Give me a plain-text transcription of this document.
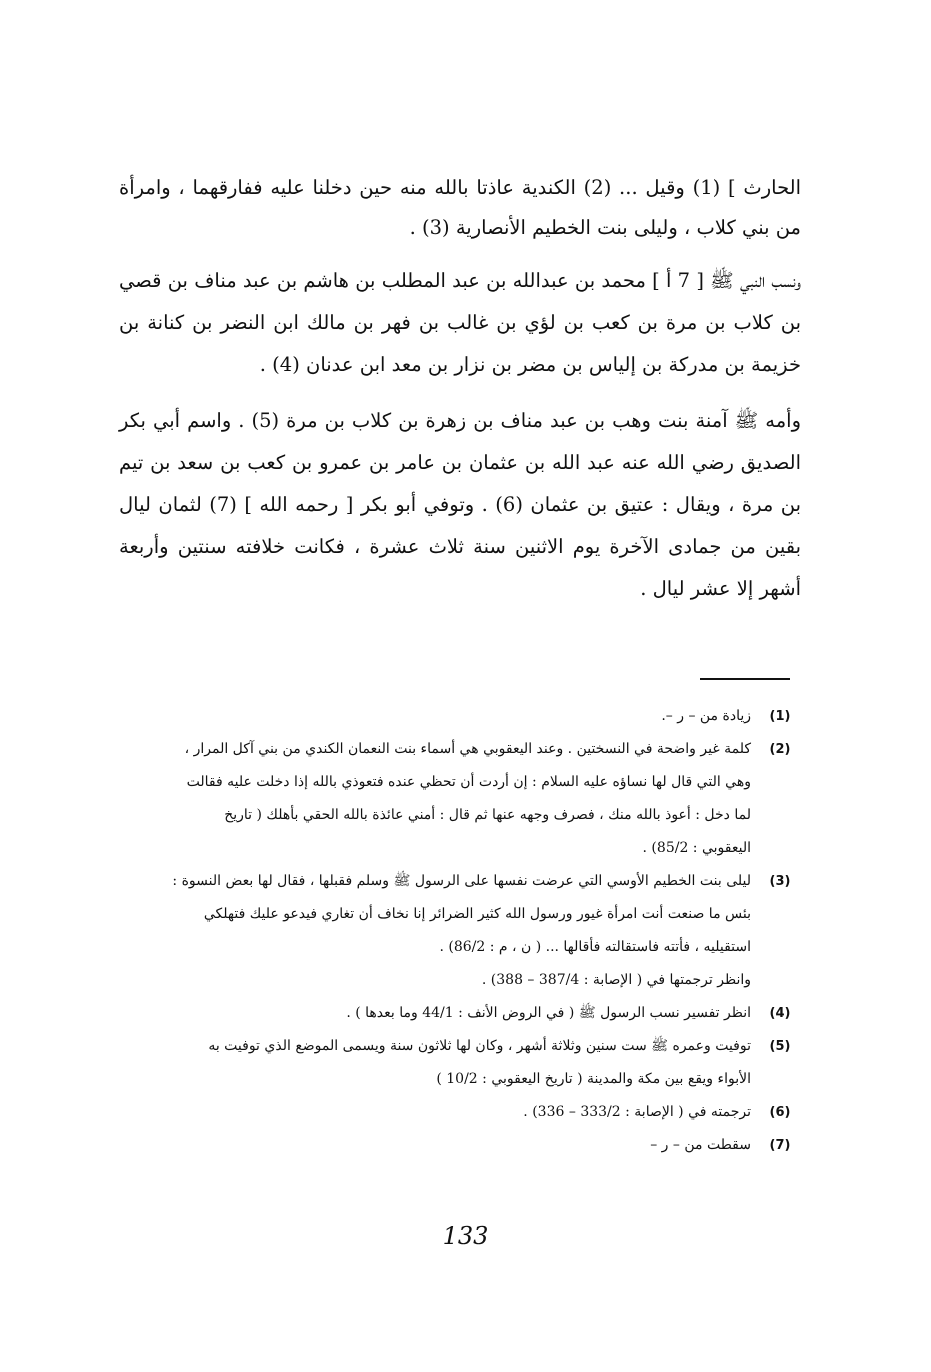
الحارث ] (1) وقيل ... (2) الكندية عاذتا بالله منه حين دخلنا عليه ففارقهما ، وامرأة من بني كلاب ، وليلى بنت الخطيم الأنصارية (3) .

ونسب النبي ﷺ [ 7 أ ] محمد بن عبدالله بن عبد المطلب بن هاشم بن عبد مناف بن قصي بن كلاب بن مرة بن كعب بن لؤي بن غالب بن فهر بن مالك ابن النضر بن كنانة بن خزيمة بن مدركة بن إلياس بن مضر بن نزار بن معد ابن عدنان (4) .

وأمه ﷺ آمنة بنت وهب بن عبد مناف بن زهرة بن كلاب بن مرة (5) . واسم أبي بكر الصديق رضي الله عنه عبد الله بن عثمان بن عامر بن عمرو بن كعب بن سعد بن تيم بن مرة ، ويقال : عتيق بن عثمان (6) . وتوفي أبو بكر [ رحمه الله ] (7) لثمان ليال بقين من جمادى الآخرة يوم الاثنين سنة ثلاث عشرة ، فكانت خلافته سنتين وأربعة أشهر إلا عشر ليال .

(1)
زيادة من – ر –.
(2)
كلمة غير واضحة في النسختين . وعند اليعقوبي هي أسماء بنت النعمان الكندي من بني آكل المرار ،
وهي التي قال لها نساؤه عليه السلام : إن أردت أن تحظي عنده فتعوذي بالله إذا دخلت عليه فقالت
لما دخل : أعوذ بالله منك ، فصرف وجهه عنها ثم قال : أمني عائذة بالله الحقي بأهلك ( تاريخ
اليعقوبي : 85/2) .
(3)
ليلى بنت الخطيم الأوسي التي عرضت نفسها على الرسول ﷺ وسلم فقبلها ، فقال لها بعض النسوة :
بئس ما صنعت أنت امرأة غيور ورسول الله كثير الضرائر إنا نخاف أن تغاري فيدعو عليك فتهلكي
استقيليه ، فأتته فاستقالته فأقالها ... ( ن ، م : 86/2) .
وانظر ترجمتها في ( الإصابة : 387/4 – 388) .
(4)
انظر تفسير نسب الرسول ﷺ ( في الروض الأنف : 44/1 وما بعدها ) .
(5)
توفيت وعمره ﷺ ست سنين وثلاثة أشهر ، وكان لها ثلاثون سنة ويسمى الموضع الذي توفيت به
الأبواء ويقع بين مكة والمدينة ( تاريخ اليعقوبي : 10/2 )
(6)
ترجمته في ( الإصابة : 333/2 – 336) .
(7)
سقطت من – ر –
133
